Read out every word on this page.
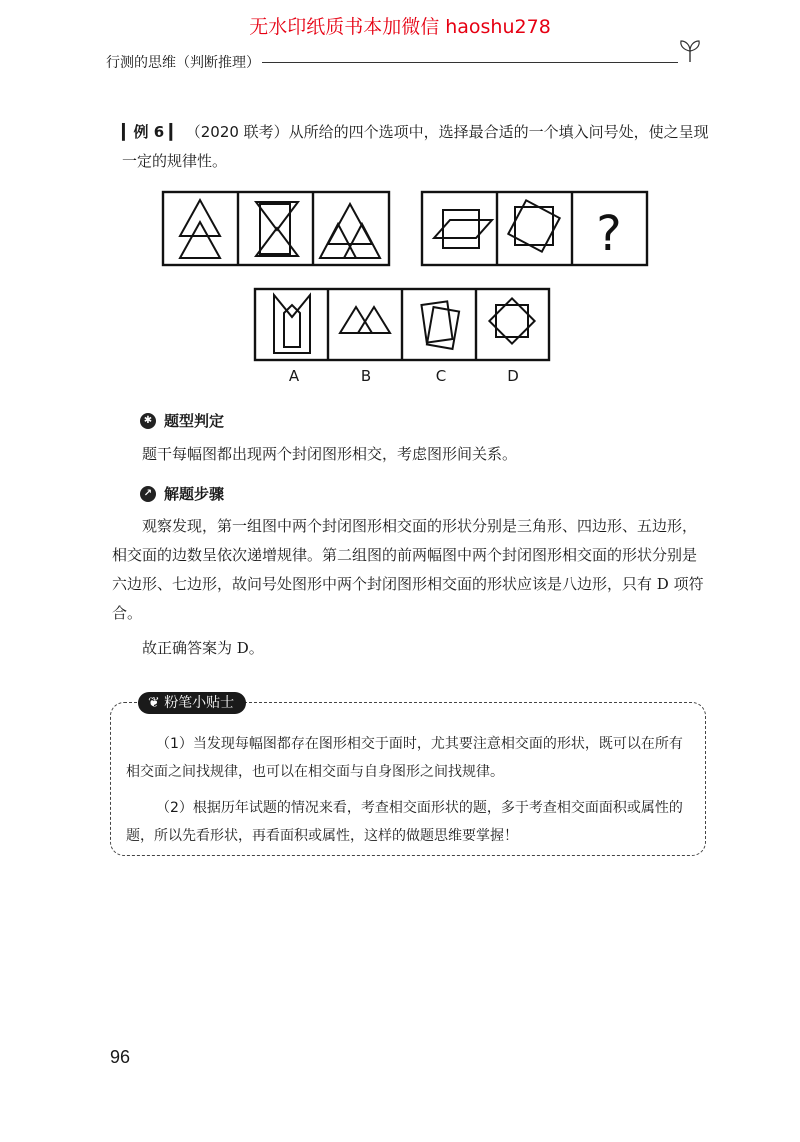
无水印纸质书本加微信 haoshu278
行测的思维（判断推理）
▎例 6 ▎ （2020 联考）从所给的四个选项中，选择最合适的一个填入问号处，使之呈现一定的规律性。
?
A	B	C	D
✱ 题型判定
题干每幅图都出现两个封闭图形相交，考虑图形间关系。
↗ 解题步骤
观察发现，第一组图中两个封闭图形相交面的形状分别是三角形、四边形、五边形，相交面的边数呈依次递增规律。第二组图的前两幅图中两个封闭图形相交面的形状分别是六边形、七边形，故问号处图形中两个封闭图形相交面的形状应该是八边形，只有 D 项符合。
故正确答案为 D。
❦ 粉笔小贴士
（1）当发现每幅图都存在图形相交于面时，尤其要注意相交面的形状，既可以在所有相交面之间找规律，也可以在相交面与自身图形之间找规律。
（2）根据历年试题的情况来看，考查相交面形状的题，多于考查相交面面积或属性的题，所以先看形状，再看面积或属性，这样的做题思维要掌握！
96
